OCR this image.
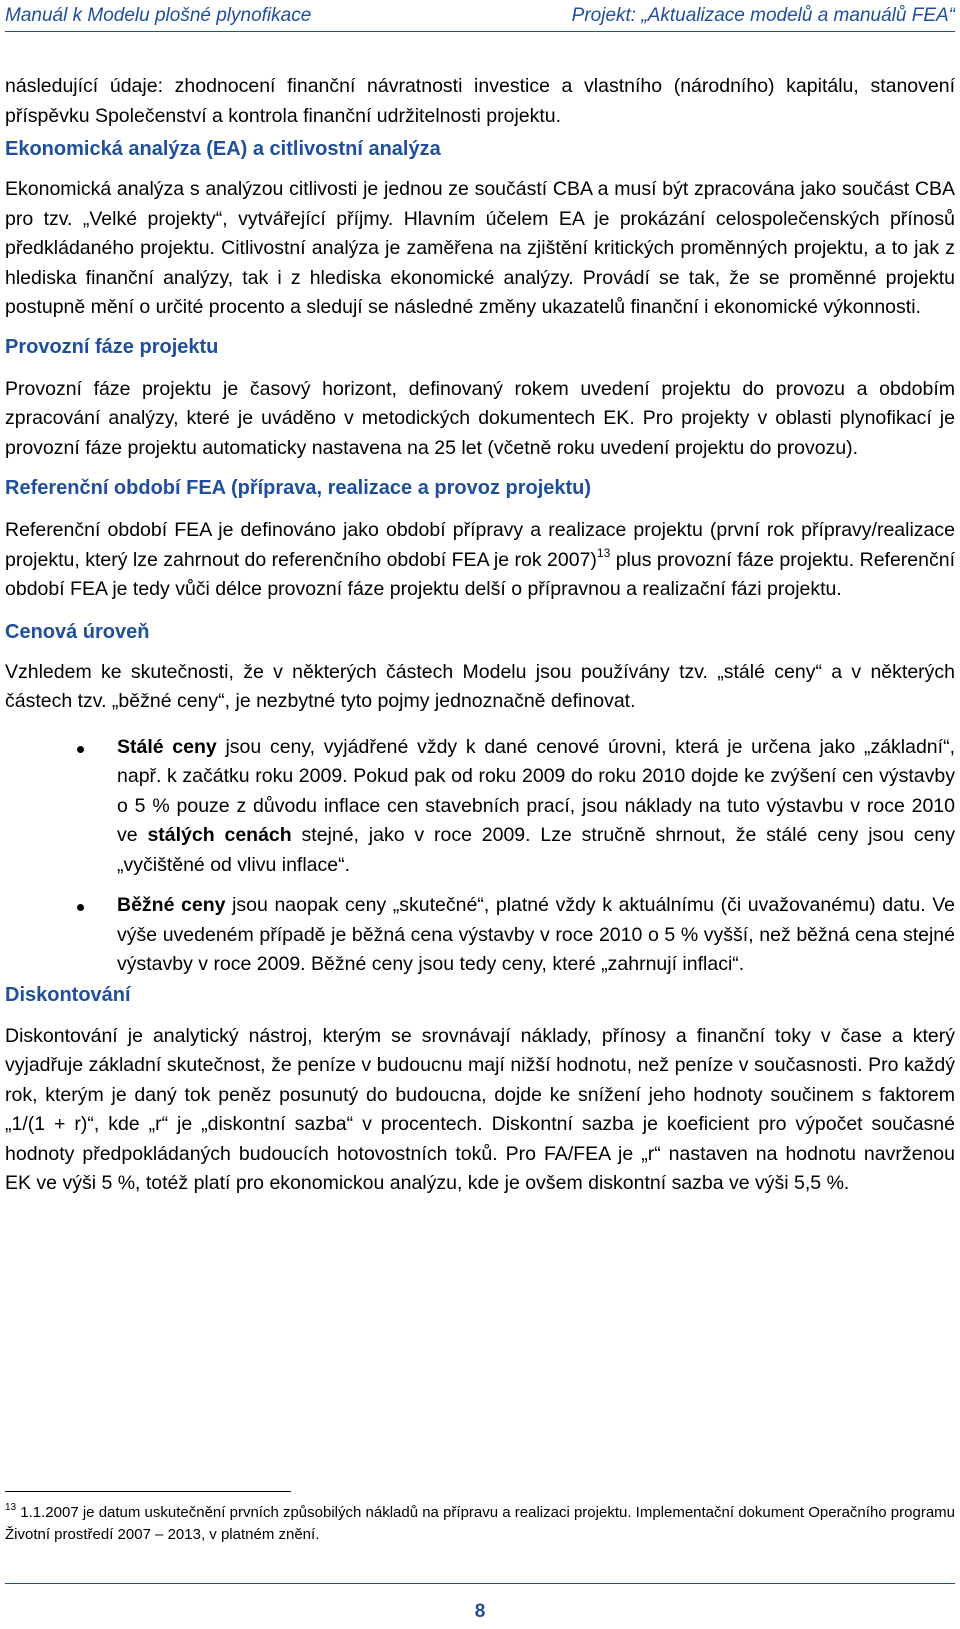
Manuál k Modelu plošné plynofikace	Projekt: „Aktualizace modelů a manuálů FEA“

následující údaje: zhodnocení finanční návratnosti investice a vlastního (národního) kapitálu, stanovení příspěvku Společenství a kontrola finanční udržitelnosti projektu.

Ekonomická analýza (EA) a citlivostní analýza

Ekonomická analýza s analýzou citlivosti je jednou ze součástí CBA a musí být zpracována jako součást CBA pro tzv. „Velké projekty“, vytvářející příjmy. Hlavním účelem EA je prokázání celospolečenských přínosů předkládaného projektu. Citlivostní analýza je zaměřena na zjištění kritických proměnných projektu, a to jak z hlediska finanční analýzy, tak i z hlediska ekonomické analýzy. Provádí se tak, že se proměnné projektu postupně mění o určité procento a sledují se následné změny ukazatelů finanční i ekonomické výkonnosti.

Provozní fáze projektu

Provozní fáze projektu je časový horizont, definovaný rokem uvedení projektu do provozu a obdobím zpracování analýzy, které je uváděno v metodických dokumentech EK. Pro projekty v oblasti plynofikací je provozní fáze projektu automaticky nastavena na 25 let (včetně roku uvedení projektu do provozu).

Referenční období FEA (příprava, realizace a provoz projektu)

Referenční období FEA je definováno jako období přípravy a realizace projektu (první rok přípravy/realizace projektu, který lze zahrnout do referenčního období FEA je rok 2007)$^{13}$ plus provozní fáze projektu. Referenční období FEA je tedy vůči délce provozní fáze projektu delší o přípravnou a realizační fázi projektu.

Cenová úroveň

Vzhledem ke skutečnosti, že v některých částech Modelu jsou používány tzv. „stálé ceny“ a v některých částech tzv. „běžné ceny“, je nezbytné tyto pojmy jednoznačně definovat.

Stálé ceny jsou ceny, vyjádřené vždy k dané cenové úrovni, která je určena jako „základní“, např. k začátku roku 2009. Pokud pak od roku 2009 do roku 2010 dojde ke zvýšení cen výstavby o 5 % pouze z důvodu inflace cen stavebních prací, jsou náklady na tuto výstavbu v roce 2010 ve stálých cenách stejné, jako v roce 2009. Lze stručně shrnout, že stálé ceny jsou ceny „vyčištěné od vlivu inflace“.
Běžné ceny jsou naopak ceny „skutečné“, platné vždy k aktuálnímu (či uvažovanému) datu. Ve výše uvedeném případě je běžná cena výstavby v roce 2010 o 5 % vyšší, než běžná cena stejné výstavby v roce 2009. Běžné ceny jsou tedy ceny, které „zahrnují inflaci“.
Diskontování

Diskontování je analytický nástroj, kterým se srovnávají náklady, přínosy a finanční toky v čase a který vyjadřuje základní skutečnost, že peníze v budoucnu mají nižší hodnotu, než peníze v současnosti. Pro každý rok, kterým je daný tok peněz posunutý do budoucna, dojde ke snížení jeho hodnoty součinem s faktorem „1/(1 + r)“, kde „r“ je „diskontní sazba“ v procentech. Diskontní sazba je koeficient pro výpočet současné hodnoty předpokládaných budoucích hotovostních toků. Pro FA/FEA je „r“ nastaven na hodnotu navrženou EK ve výši 5 %, totéž platí pro ekonomickou analýzu, kde je ovšem diskontní sazba ve výši 5,5 %.

$^{13}$ 1.1.2007 je datum uskutečnění prvních způsobilých nákladů na přípravu a realizaci projektu. Implementační dokument Operačního programu Životní prostředí 2007 – 2013, v platném znění.
8
